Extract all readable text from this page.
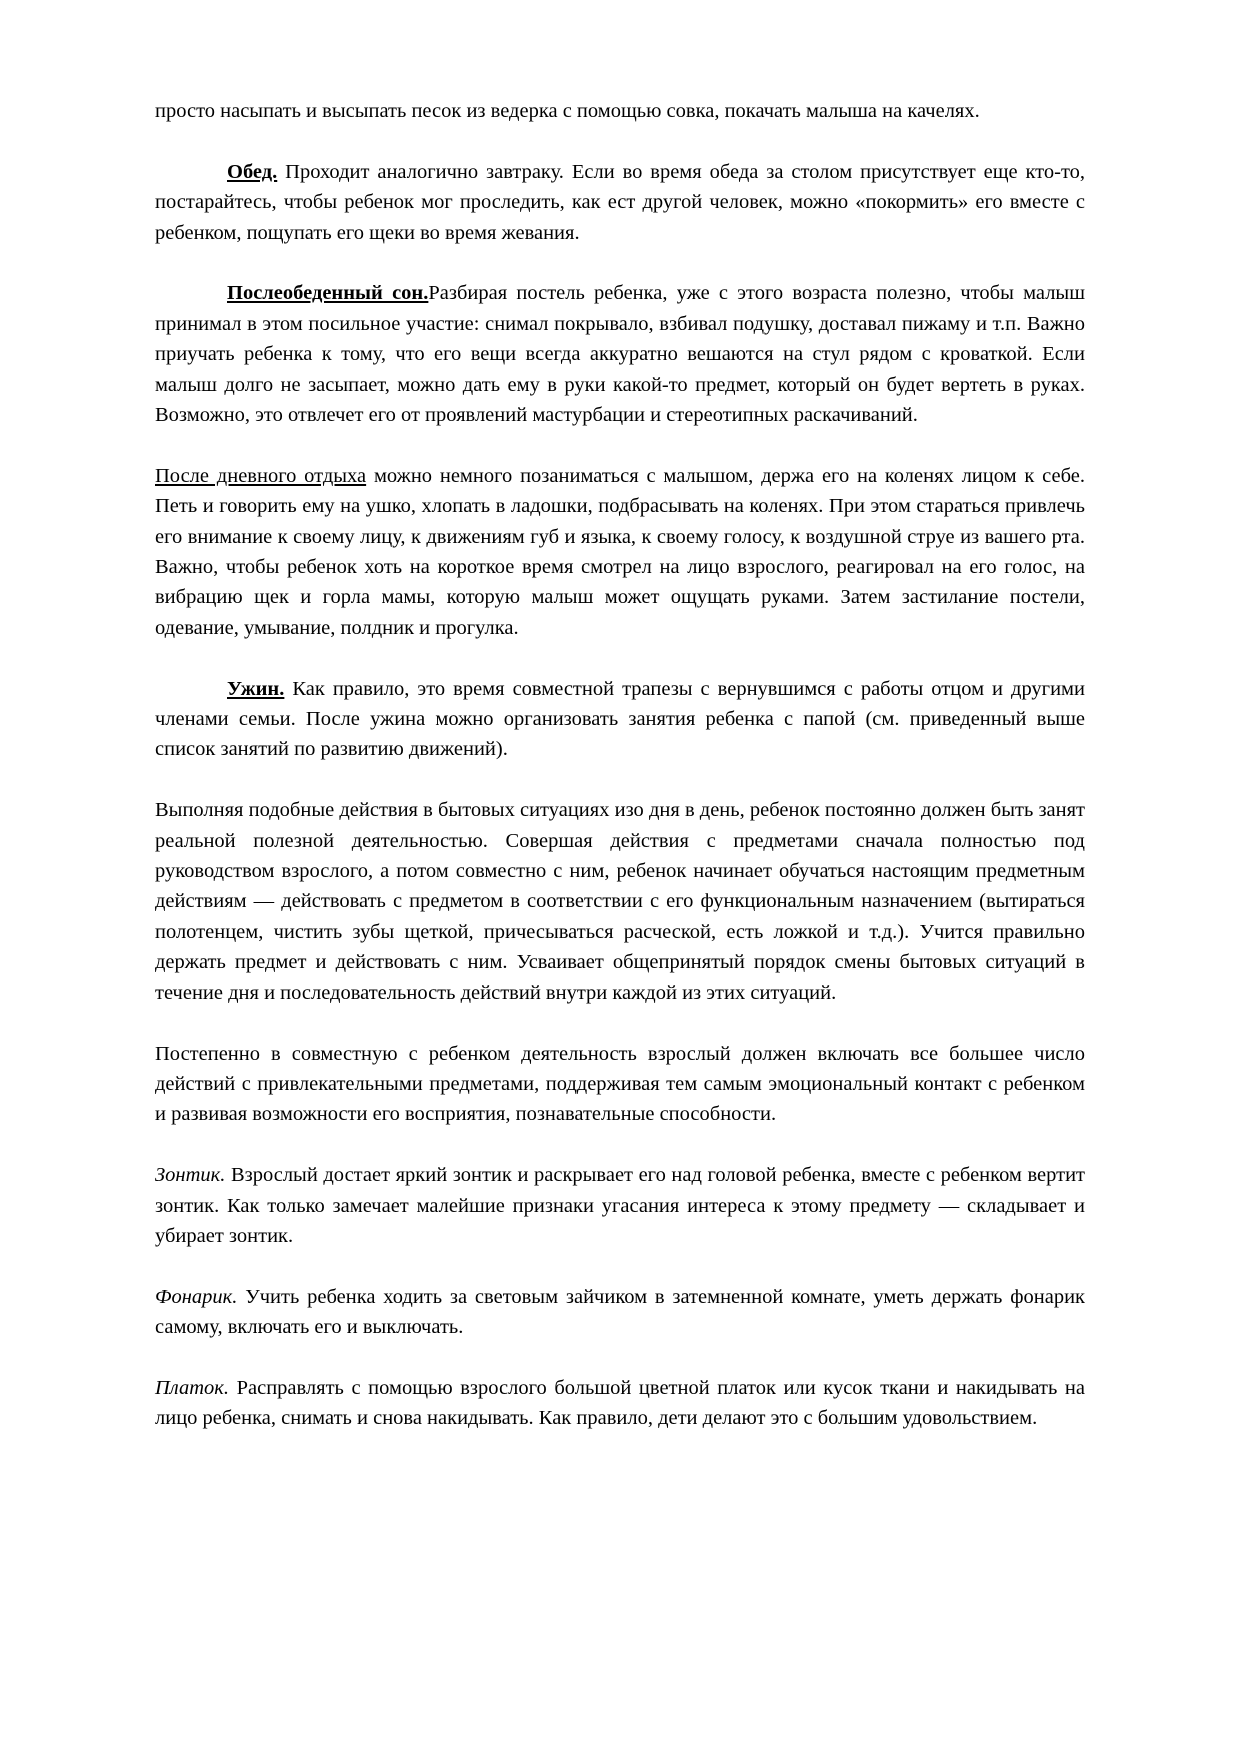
просто насыпать и высыпать песок из ведерка с помощью совка, покачать малыша на качелях.

Обед. Проходит аналогично завтраку. Если во время обеда за столом присутствует еще кто-то, постарайтесь, чтобы ребенок мог проследить, как ест другой человек, можно «покормить» его вместе с ребенком, пощупать его щеки во время жевания.

Послеобеденный сон.Разбирая постель ребенка, уже с этого возраста полезно, чтобы малыш принимал в этом посильное участие: снимал покрывало, взбивал подушку, доставал пижаму и т.п. Важно приучать ребенка к тому, что его вещи всегда аккуратно вешаются на стул рядом с кроваткой. Если малыш долго не засыпает, можно дать ему в руки какой-то предмет, который он будет вертеть в руках. Возможно, это отвлечет его от проявлений мастурбации и стереотипных раскачиваний.

После дневного отдыха можно немного позаниматься с малышом, держа его на коленях лицом к себе. Петь и говорить ему на ушко, хлопать в ладошки, подбрасывать на коленях. При этом стараться привлечь его внимание к своему лицу, к движениям губ и языка, к своему голосу, к воздушной струе из вашего рта. Важно, чтобы ребенок хоть на короткое время смотрел на лицо взрослого, реагировал на его голос, на вибрацию щек и горла мамы, которую малыш может ощущать руками. Затем застилание постели, одевание, умывание, полдник и прогулка.

Ужин. Как правило, это время совместной трапезы с вернувшимся с работы отцом и другими членами семьи. После ужина можно организовать занятия ребенка с папой (см. приведенный выше список занятий по развитию движений).

Выполняя подобные действия в бытовых ситуациях изо дня в день, ребенок постоянно должен быть занят реальной полезной деятельностью. Совершая действия с предметами сначала полностью под руководством взрослого, а потом совместно с ним, ребенок начинает обучаться настоящим предметным действиям — действовать с предметом в соответствии с его функциональным назначением (вытираться полотенцем, чистить зубы щеткой, причесываться расческой, есть ложкой и т.д.). Учится правильно держать предмет и действовать с ним. Усваивает общепринятый порядок смены бытовых ситуаций в течение дня и последовательность действий внутри каждой из этих ситуаций.

Постепенно в совместную с ребенком деятельность взрослый должен включать все большее число действий с привлекательными предметами, поддерживая тем самым эмоциональный контакт с ребенком и развивая возможности его восприятия, познавательные способности.

Зонтик. Взрослый достает яркий зонтик и раскрывает его над головой ребенка, вместе с ребенком вертит зонтик. Как только замечает малейшие признаки угасания интереса к этому предмету — складывает и убирает зонтик.

Фонарик. Учить ребенка ходить за световым зайчиком в затемненной комнате, уметь держать фонарик самому, включать его и выключать.

Платок. Расправлять с помощью взрослого большой цветной платок или кусок ткани и накидывать на лицо ребенка, снимать и снова накидывать. Как правило, дети делают это с большим удовольствием.
